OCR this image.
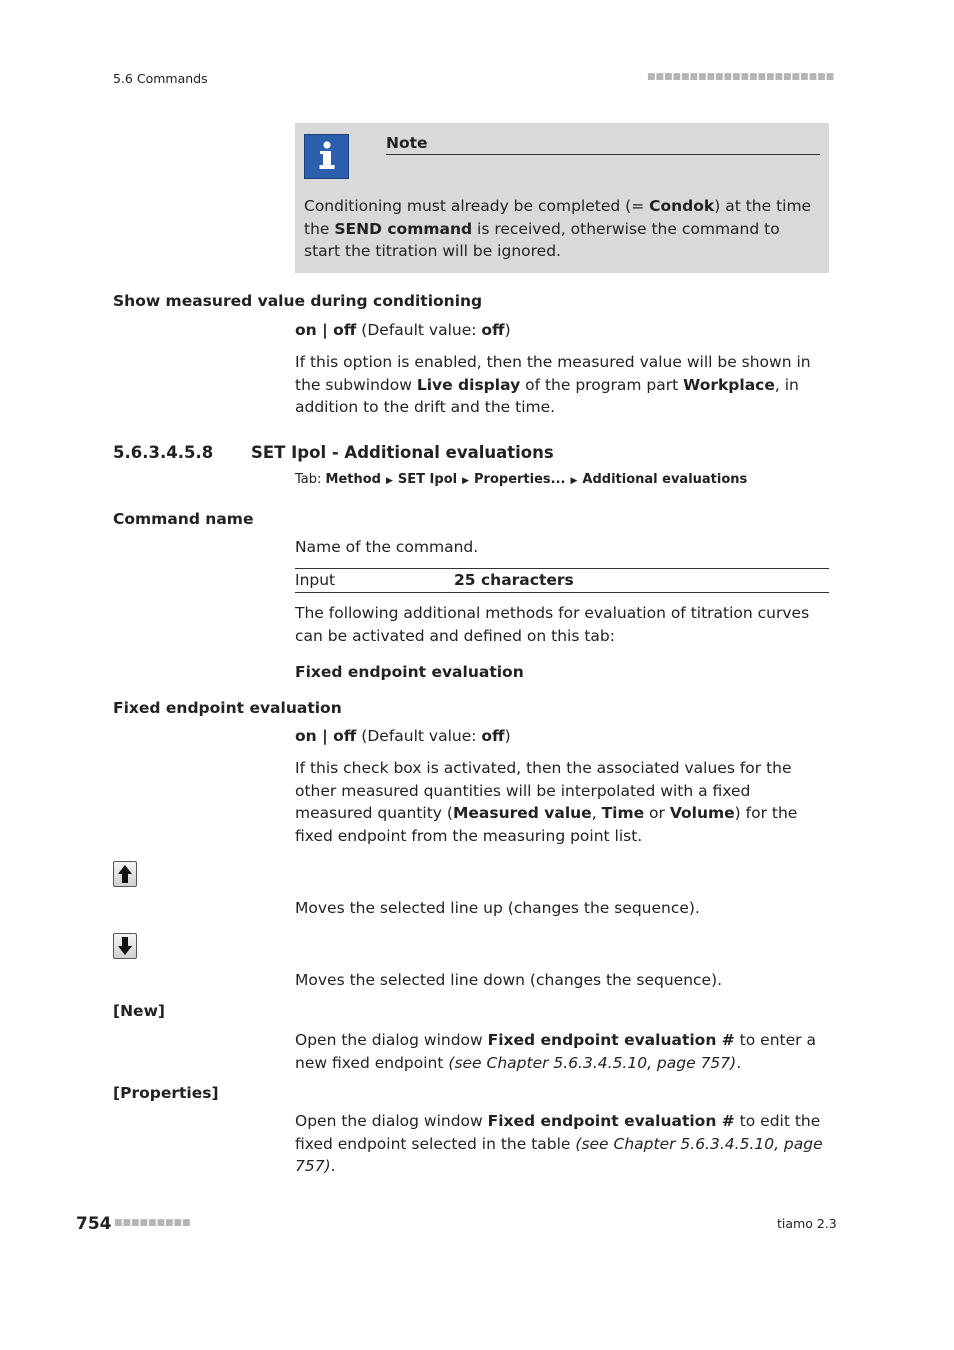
5.6 Commands	■■■■■■■■■■■■■■■■■■■■■■
Note
Conditioning must already be completed (= Condok) at the time the SEND command is received, otherwise the command to start the titration will be ignored.
Show measured value during conditioning
on | off (Default value: off)
If this option is enabled, then the measured value will be shown in the subwindow Live display of the program part Workplace, in addition to the drift and the time.
5.6.3.4.5.8 SET Ipol - Additional evaluations
Tab: Method ▶ SET Ipol ▶ Properties... ▶ Additional evaluations
Command name
Name of the command.
Input	25 characters
The following additional methods for evaluation of titration curves can be activated and defined on this tab:
Fixed endpoint evaluation
Fixed endpoint evaluation
on | off (Default value: off)
If this check box is activated, then the associated values for the other measured quantities will be interpolated with a fixed measured quantity (Measured value, Time or Volume) for the fixed endpoint from the measuring point list.
Moves the selected line up (changes the sequence).
Moves the selected line down (changes the sequence).
[New]
Open the dialog window Fixed endpoint evaluation # to enter a new fixed endpoint (see Chapter 5.6.3.4.5.10, page 757).
[Properties]
Open the dialog window Fixed endpoint evaluation # to edit the fixed endpoint selected in the table (see Chapter 5.6.3.4.5.10, page 757).
754 ■■■■■■■■■	tiamo 2.3
